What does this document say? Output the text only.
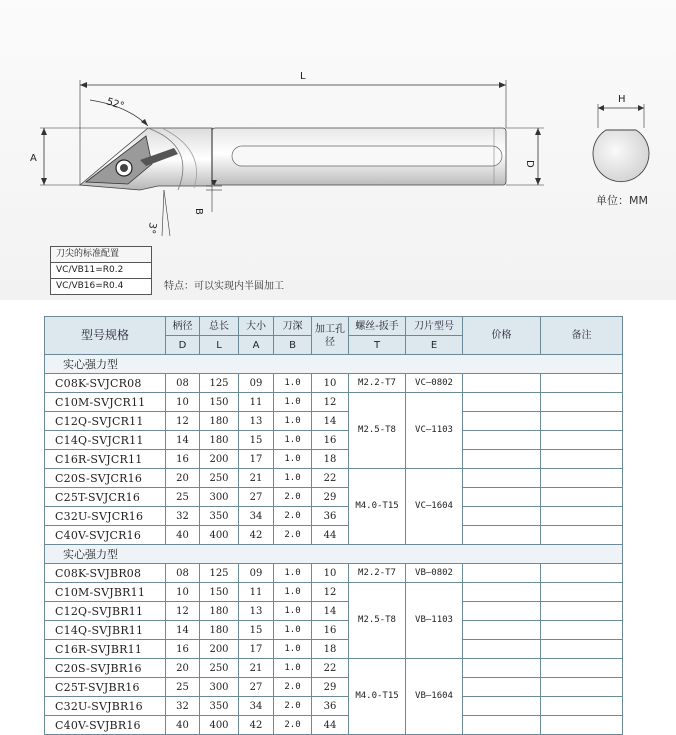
L
52°
A	D
B
3°
H
单位：MM
刀尖的标准配置
VC/VB11=R0.2
VC/VB16=R0.4	特点：可以实现内半圆加工
型号规格	柄径	总长	大小	刀深	加工孔径	螺丝-扳手	刀片型号	价格	备注
	D	L	A	B		T	E		
实心强力型									
C08K-SVJCR08	08	125	09	1.0	10	M2.2-T7	VC—0802		
C10M-SVJCR11	10	150	11	1.0	12	M2.5-T8	VC—1103		
C12Q-SVJCR11	12	180	13	1.0	14				
C14Q-SVJCR11	14	180	15	1.0	16				
C16R-SVJCR11	16	200	17	1.0	18				
C20S-SVJCR16	20	250	21	1.0	22	M4.0-T15	VC—1604		
C25T-SVJCR16	25	300	27	2.0	29				
C32U-SVJCR16	32	350	34	2.0	36				
C40V-SVJCR16	40	400	42	2.0	44				
实心强力型									
C08K-SVJBR08	08	125	09	1.0	10	M2.2-T7	VB—0802		
C10M-SVJBR11	10	150	11	1.0	12	M2.5-T8	VB—1103		
C12Q-SVJBR11	12	180	13	1.0	14				
C14Q-SVJBR11	14	180	15	1.0	16				
C16R-SVJBR11	16	200	17	1.0	18				
C20S-SVJBR16	20	250	21	1.0	22	M4.0-T15	VB—1604		
C25T-SVJBR16	25	300	27	2.0	29				
C32U-SVJBR16	32	350	34	2.0	36				
C40V-SVJBR16	40	400	42	2.0	44				
